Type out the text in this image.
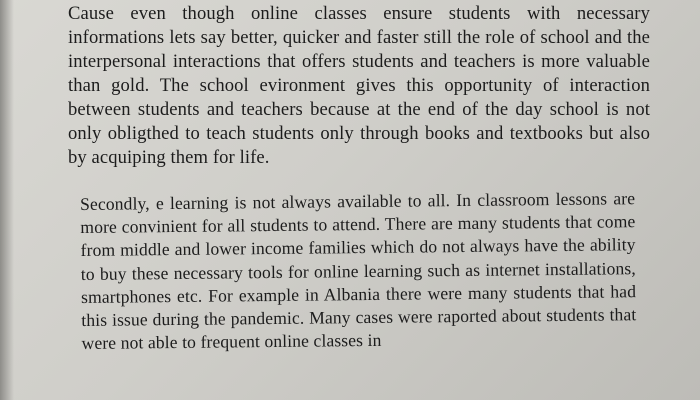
Cause even though online classes ensure students with necessary informations lets say better, quicker and faster still the role of school and the interpersonal interactions that offers students and teachers is more valuable than gold. The school evironment gives this opportunity of interaction between students and teachers because at the end of the day school is not only obligthed to teach students only through books and textbooks but also by acquiping them for life.

Secondly, e learning is not always available to all. In classroom lessons are more convinient for all students to attend. There are many students that come from middle and lower income families which do not always have the ability to buy these necessary tools for online learning such as internet installations, smartphones etc. For example in Albania there were many students that had this issue during the pandemic. Many cases were raported about students that were not able to frequent online classes in
